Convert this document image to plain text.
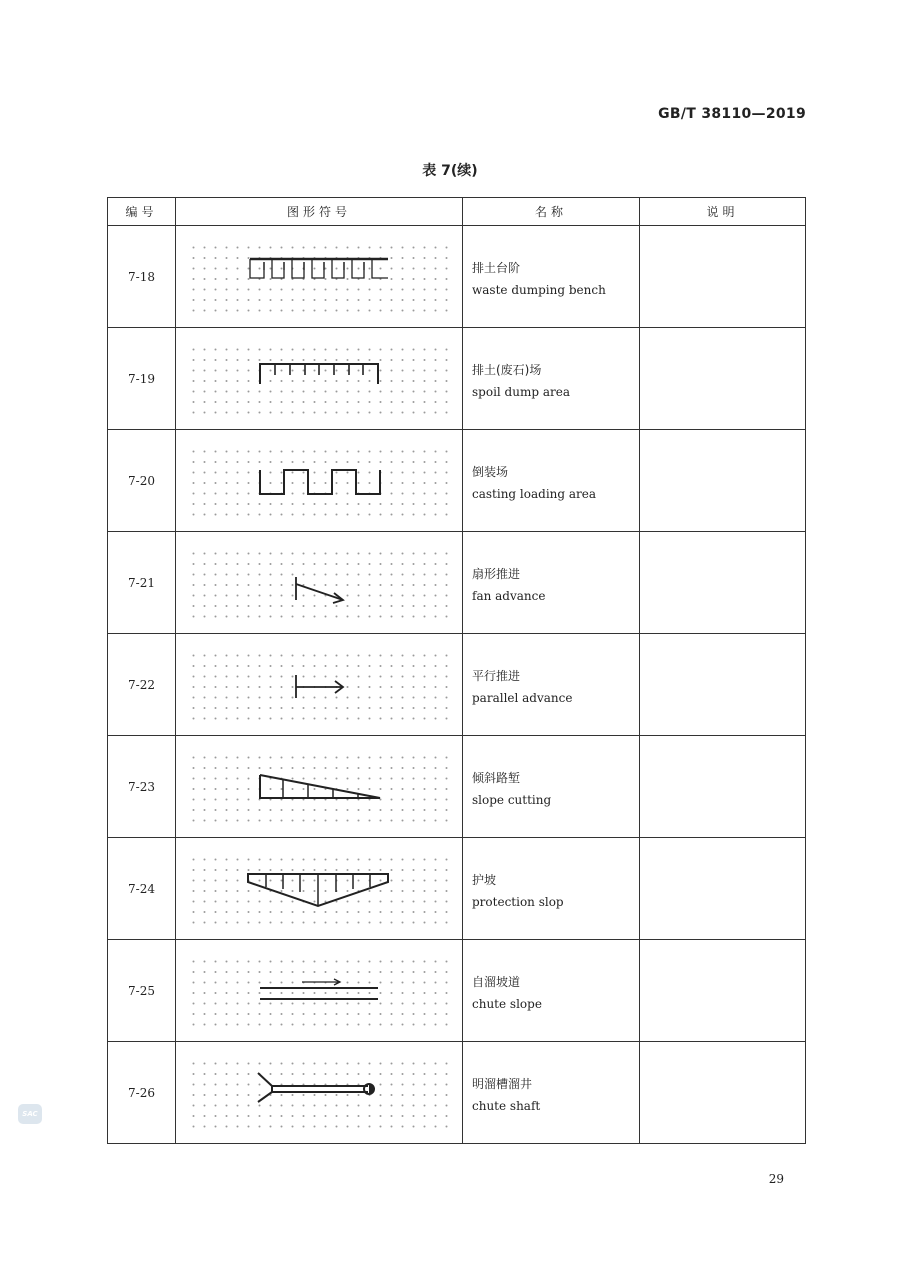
GB/T 38110—2019
表 7(续)
编号	图形符号	名称	说明
7-18		排土台阶
waste dumping bench	

7-19		排土(废石)场
spoil dump area	

7-20		倒装场
casting loading area	

7-21		扇形推进
fan advance	

7-22		平行推进
parallel advance	

7-23		倾斜路堑
slope cutting	

7-24		护坡
protection slop	

7-25		自溜坡道
chute slope	

7-26		明溜槽溜井
chute shaft	

SAC
29
